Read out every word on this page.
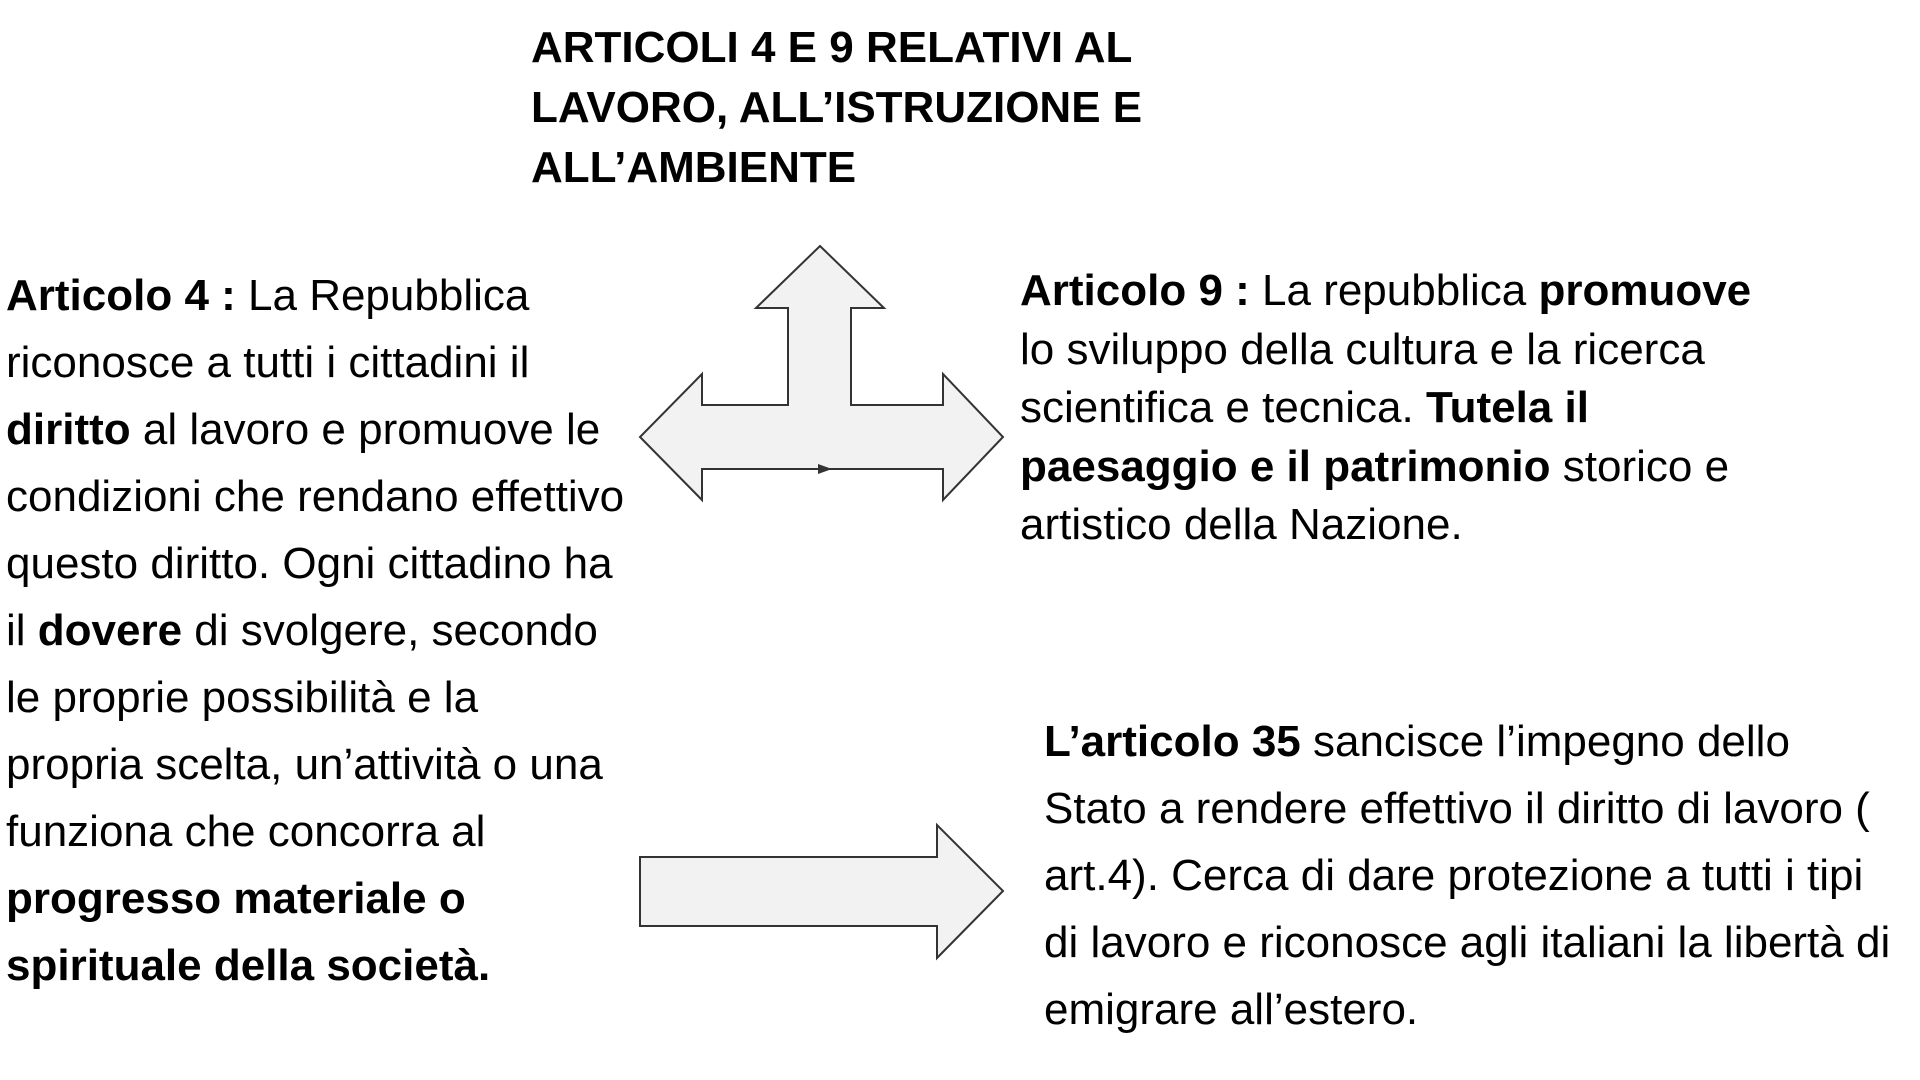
ARTICOLI 4 E 9 RELATIVI AL
LAVORO, ALL’ISTRUZIONE E
ALL’AMBIENTE

Articolo 4 : La Repubblica riconosce a tutti i cittadini il diritto al lavoro e promuove le condizioni che rendano effettivo questo diritto. Ogni cittadino ha il dovere di svolgere, secondo le proprie possibilità e la propria scelta, un’attività o una funziona che concorra al progresso materiale o spirituale della società.

Articolo 9 : La repubblica promuove lo sviluppo della cultura e la ricerca scientifica e tecnica. Tutela il paesaggio e il patrimonio storico e artistico della Nazione.

L’articolo 35 sancisce l’impegno dello Stato a rendere effettivo il diritto di lavoro ( art.4). Cerca di dare protezione a tutti i tipi di lavoro e riconosce agli italiani la libertà di emigrare all’estero.
